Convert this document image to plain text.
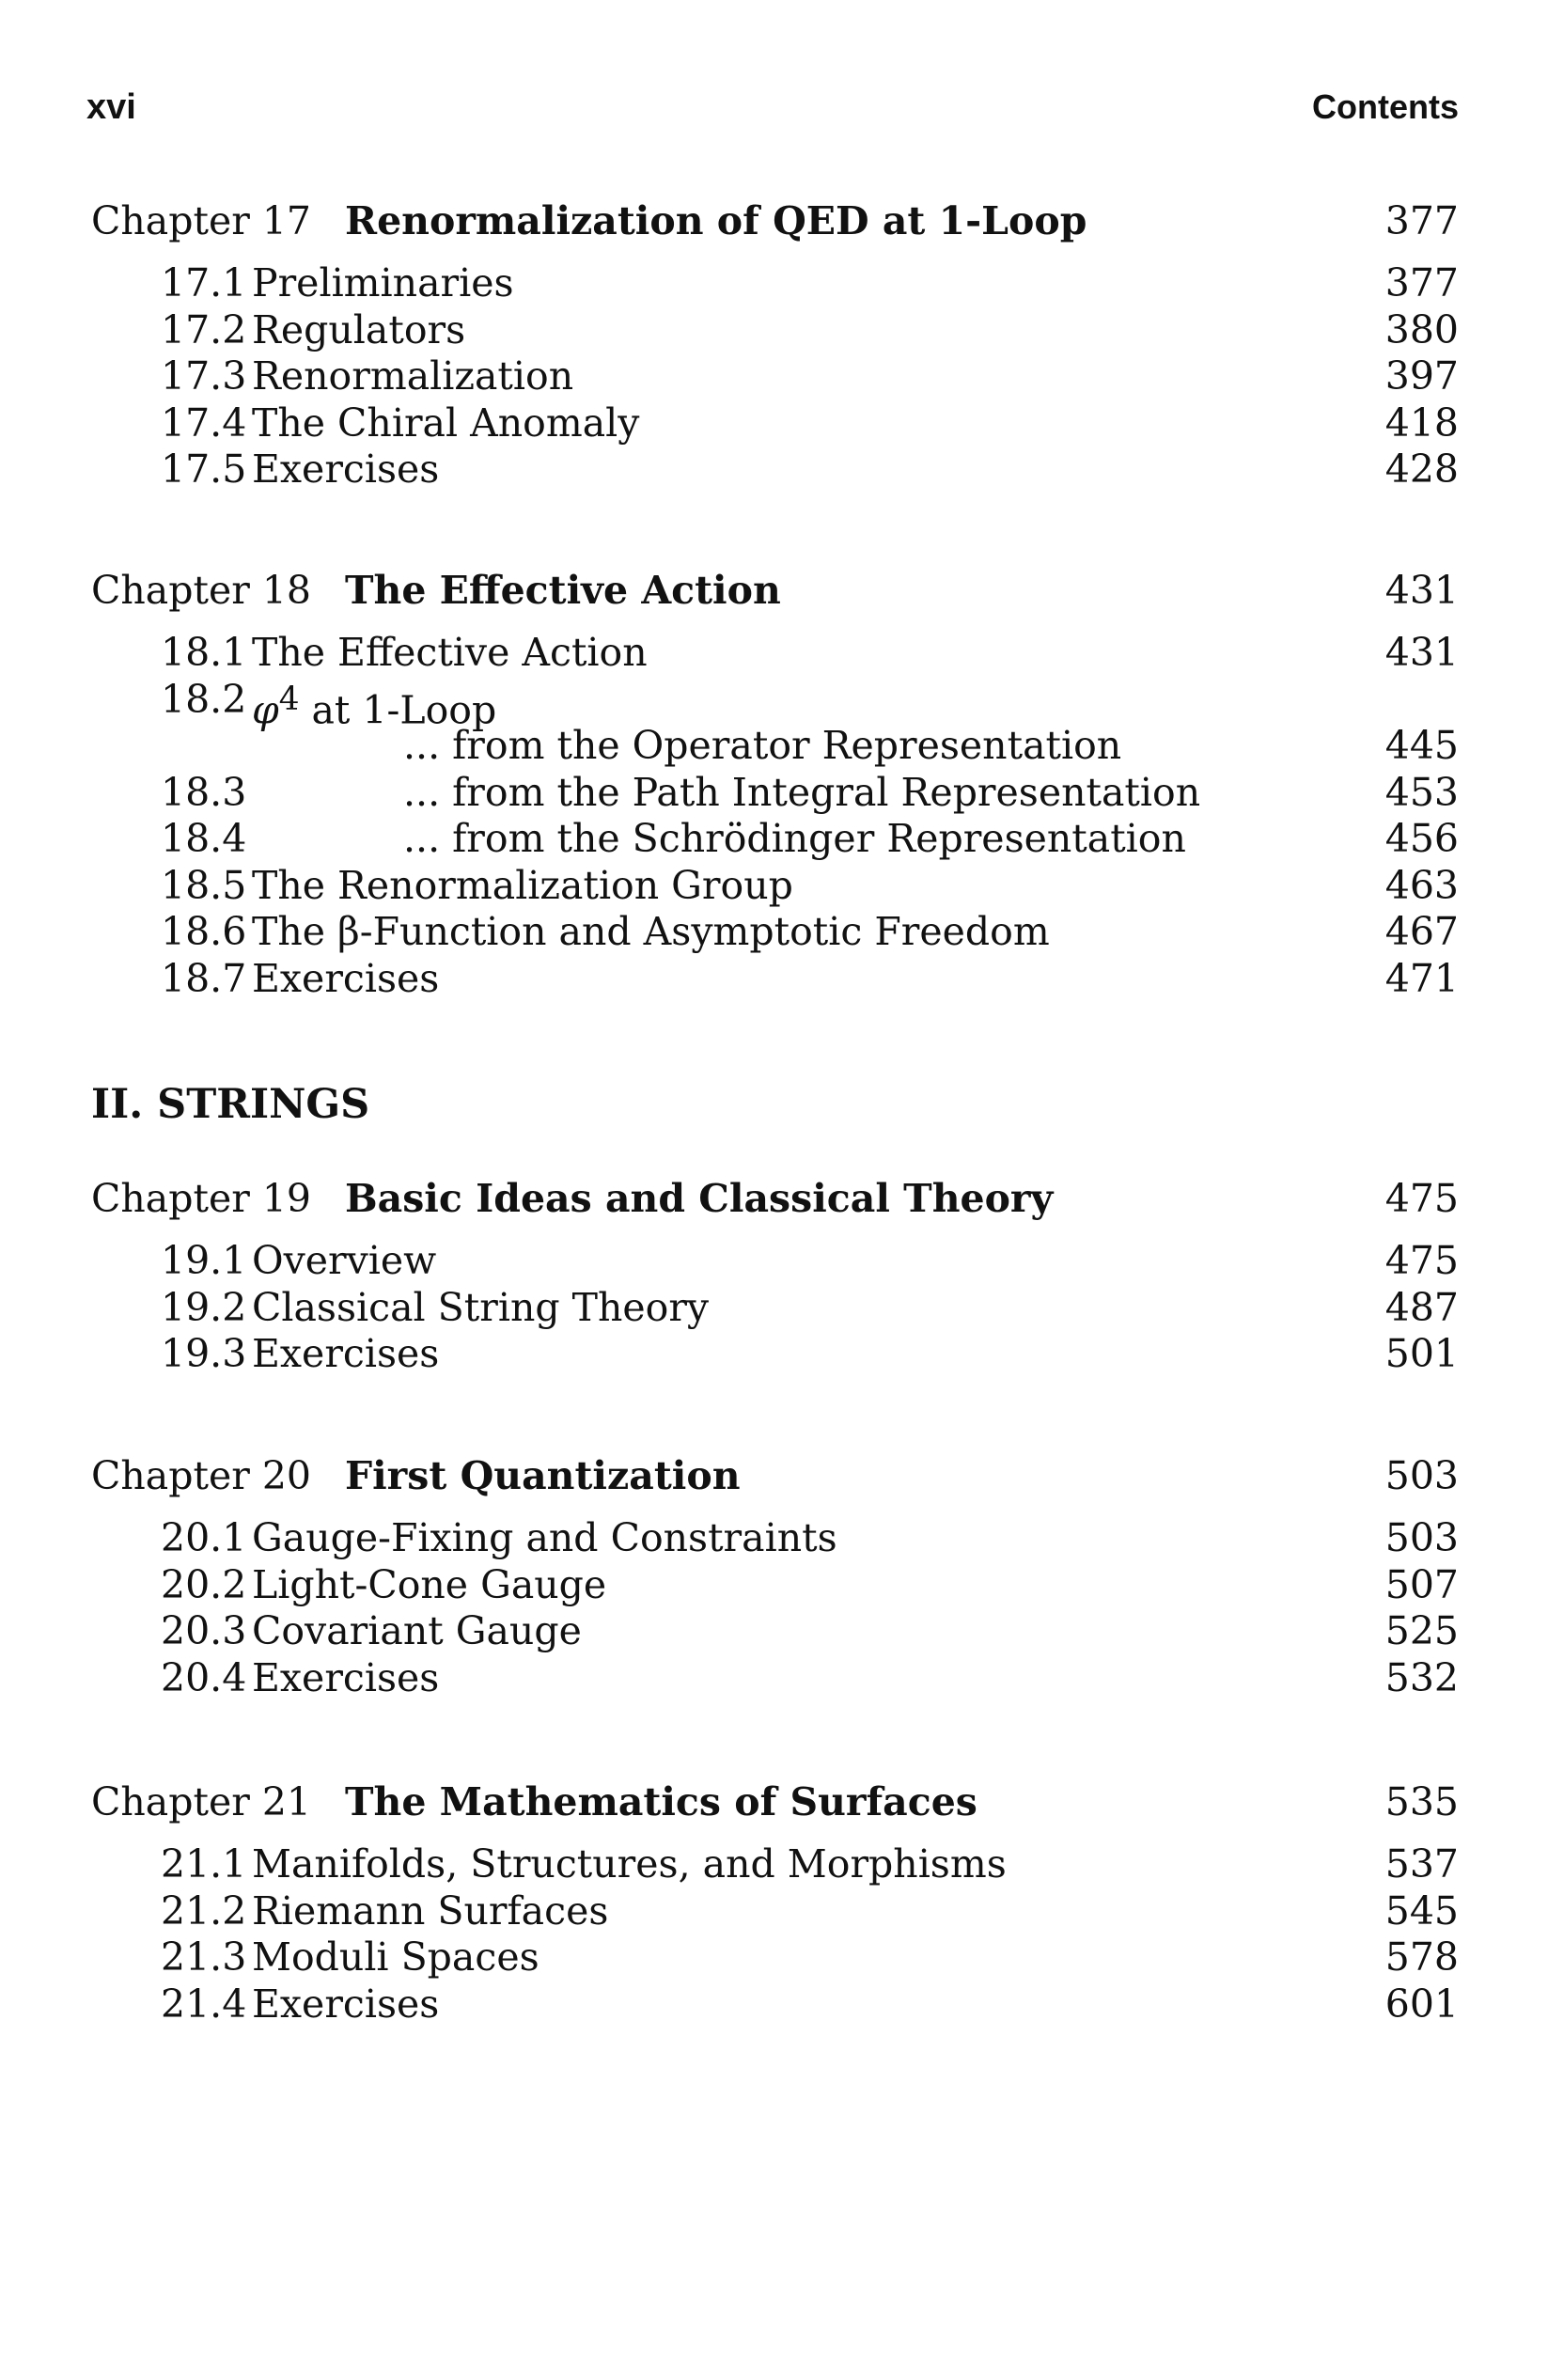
xvi	Contents
Chapter 17 Renormalization of QED at 1-Loop	377
17.1 Preliminaries	377
17.2 Regulators	380
17.3 Renormalization	397
17.4 The Chiral Anomaly	418
17.5 Exercises	428
Chapter 18 The Effective Action	431
18.1 The Effective Action	431
18.2 $\varphi^4$ at 1-Loop
... from the Operator Representation	445
18.3	... from the Path Integral Representation	453
18.4	... from the Schrödinger Representation	456
18.5 The Renormalization Group	463
18.6 The β-Function and Asymptotic Freedom	467
18.7 Exercises	471
II. STRINGS
Chapter 19 Basic Ideas and Classical Theory	475
19.1 Overview	475
19.2 Classical String Theory	487
19.3 Exercises	501
Chapter 20 First Quantization	503
20.1 Gauge-Fixing and Constraints	503
20.2 Light-Cone Gauge	507
20.3 Covariant Gauge	525
20.4 Exercises	532
Chapter 21 The Mathematics of Surfaces	535
21.1 Manifolds, Structures, and Morphisms	537
21.2 Riemann Surfaces	545
21.3 Moduli Spaces	578
21.4 Exercises	601
